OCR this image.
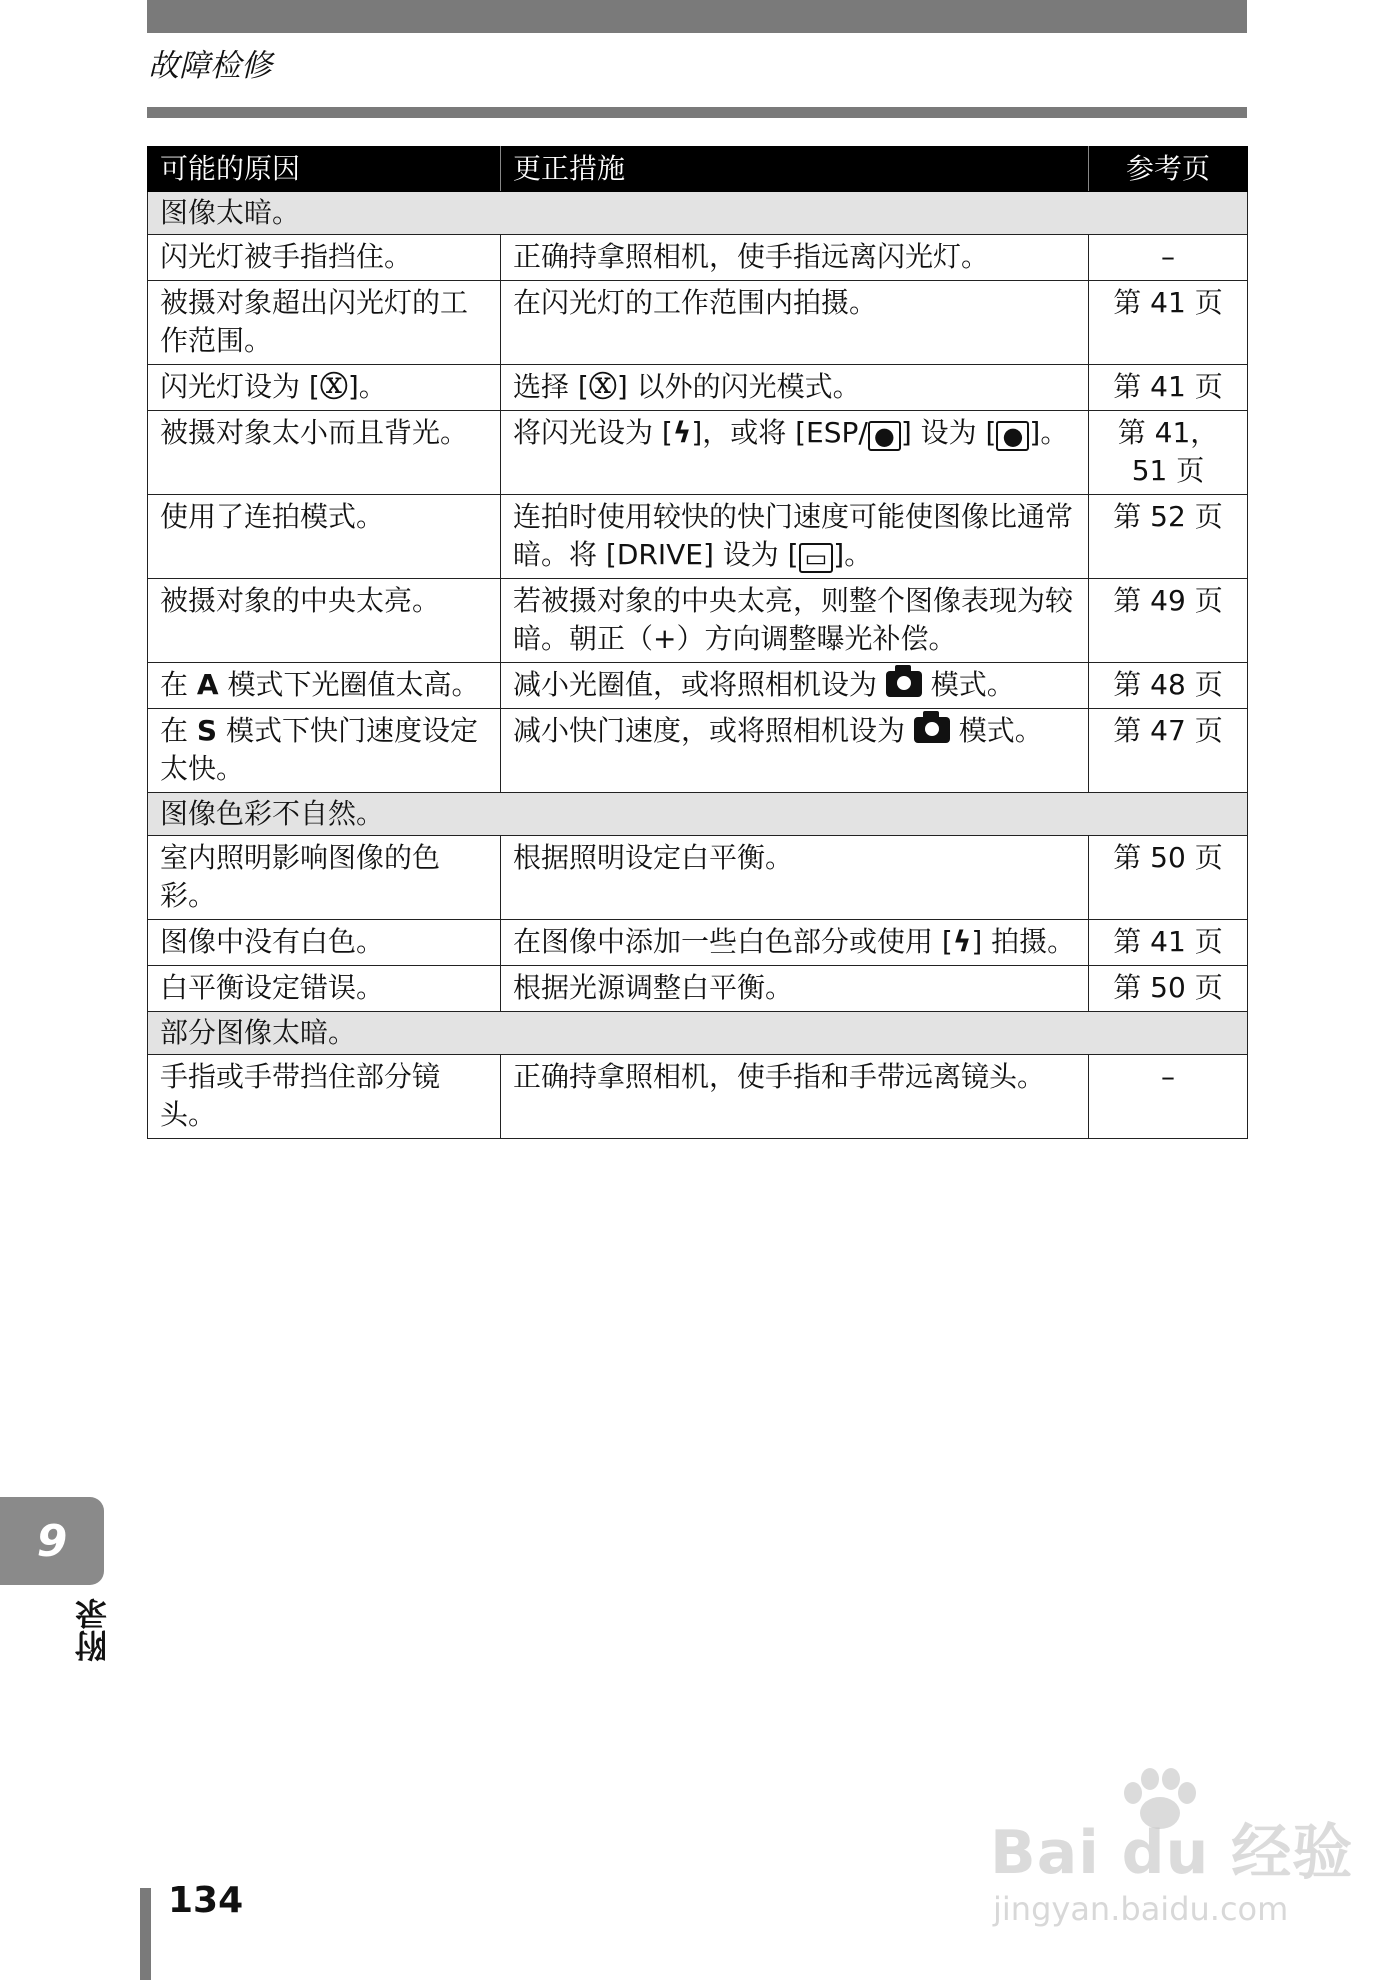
故障检修
可能的原因	更正措施	参考页
图像太暗。		
闪光灯被手指挡住。	正确持拿照相机，使手指远离闪光灯。	–
被摄对象超出闪光灯的工作范围。	在闪光灯的工作范围内拍摄。	第 41 页
闪光灯设为 [Ⓧ]。	选择 [Ⓧ] 以外的闪光模式。	第 41 页
被摄对象太小而且背光。	将闪光设为 [ϟ]，或将 [ESP/ ● ] 设为 [ ● ]。	第 41，51 页
使用了连拍模式。	连拍时使用较快的快门速度可能使图像比通常暗。将 [DRIVE] 设为 [ ▭ ]。	第 52 页
被摄对象的中央太亮。	若被摄对象的中央太亮，则整个图像表现为较暗。朝正（+）方向调整曝光补偿。	第 49 页
在 A 模式下光圈值太高。	减小光圈值，或将照相机设为  模式。	第 48 页
在 S 模式下快门速度设定太快。	减小快门速度，或将照相机设为  模式。	第 47 页
图像色彩不自然。		
室内照明影响图像的色彩。	根据照明设定白平衡。	第 50 页
图像中没有白色。	在图像中添加一些白色部分或使用 [ϟ] 拍摄。	第 41 页
白平衡设定错误。	根据光源调整白平衡。	第 50 页
部分图像太暗。		
手指或手带挡住部分镜头。	正确持拿照相机，使手指和手带远离镜头。	–
9
附录
134
Bai du 经验
jingyan.baidu.com
